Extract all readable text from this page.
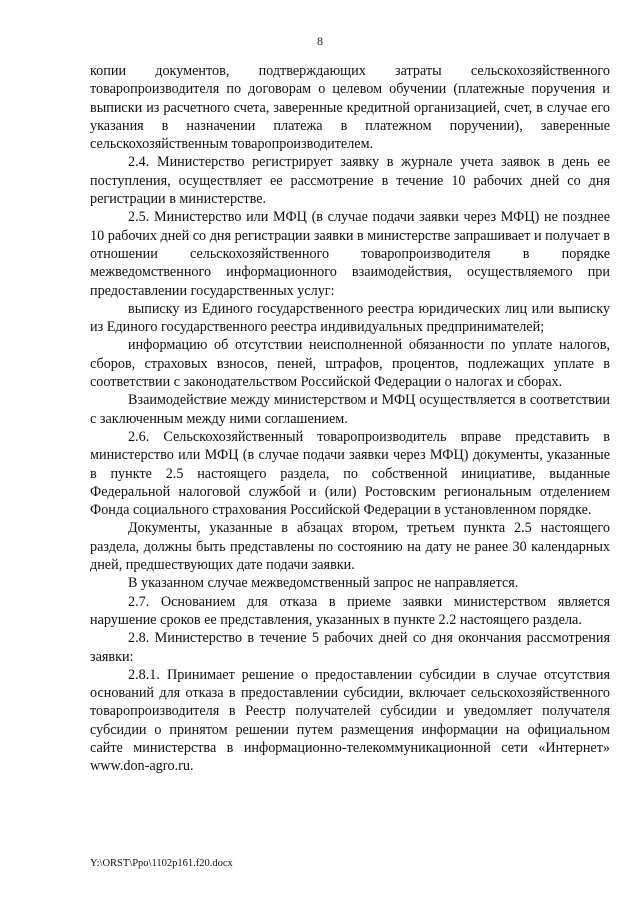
8

копии документов, подтверждающих затраты сельскохозяйственного товаропроизводителя по договорам о целевом обучении (платежные поручения и выписки из расчетного счета, заверенные кредитной организацией, счет, в случае его указания в назначении платежа в платежном поручении), заверенные сельскохозяйственным товаропроизводителем.

2.4. Министерство регистрирует заявку в журнале учета заявок в день ее поступления, осуществляет ее рассмотрение в течение 10 рабочих дней со дня регистрации в министерстве.

2.5. Министерство или МФЦ (в случае подачи заявки через МФЦ) не позднее 10 рабочих дней со дня регистрации заявки в министерстве запрашивает и получает в отношении сельскохозяйственного товаропроизводителя в порядке межведомственного информационного взаимодействия, осуществляемого при предоставлении государственных услуг:

выписку из Единого государственного реестра юридических лиц или выписку из Единого государственного реестра индивидуальных предпринимателей;

информацию об отсутствии неисполненной обязанности по уплате налогов, сборов, страховых взносов, пеней, штрафов, процентов, подлежащих уплате в соответствии с законодательством Российской Федерации о налогах и сборах.

Взаимодействие между министерством и МФЦ осуществляется в соответствии с заключенным между ними соглашением.

2.6. Сельскохозяйственный товаропроизводитель вправе представить в министерство или МФЦ (в случае подачи заявки через МФЦ) документы, указанные в пункте 2.5 настоящего раздела, по собственной инициативе, выданные Федеральной налоговой службой и (или) Ростовским региональным отделением Фонда социального страхования Российской Федерации в установленном порядке.

Документы, указанные в абзацах втором, третьем пункта 2.5 настоящего раздела, должны быть представлены по состоянию на дату не ранее 30 календарных дней, предшествующих дате подачи заявки.

В указанном случае межведомственный запрос не направляется.

2.7. Основанием для отказа в приеме заявки министерством является нарушение сроков ее представления, указанных в пункте 2.2 настоящего раздела.

2.8. Министерство в течение 5 рабочих дней со дня окончания рассмотрения заявки:

2.8.1. Принимает решение о предоставлении субсидии в случае отсутствия оснований для отказа в предоставлении субсидии, включает сельскохозяйственного товаропроизводителя в Реестр получателей субсидии и уведомляет получателя субсидии о принятом решении путем размещения информации на официальном сайте министерства в информационно-телекоммуникационной сети «Интернет» www.don-agro.ru.

Y:\ORST\Ppo\1102p161.f20.docx
